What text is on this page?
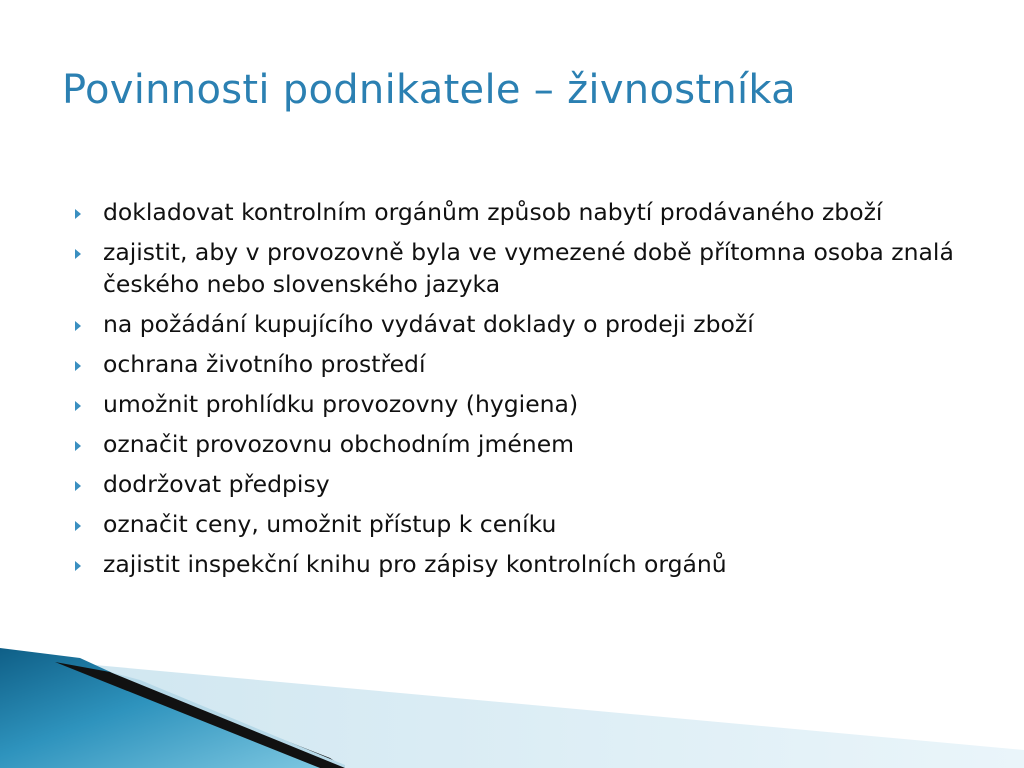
Povinnosti podnikatele – živnostníka
dokladovat kontrolním orgánům způsob nabytí prodávaného zboží
zajistit, aby v provozovně byla ve vymezené době přítomna osoba znalá českého nebo slovenského jazyka
na požádání kupujícího vydávat doklady o prodeji zboží
ochrana životního prostředí
umožnit prohlídku provozovny (hygiena)
označit provozovnu obchodním jménem
dodržovat předpisy
označit ceny, umožnit přístup k ceníku
zajistit inspekční knihu pro zápisy kontrolních orgánů
